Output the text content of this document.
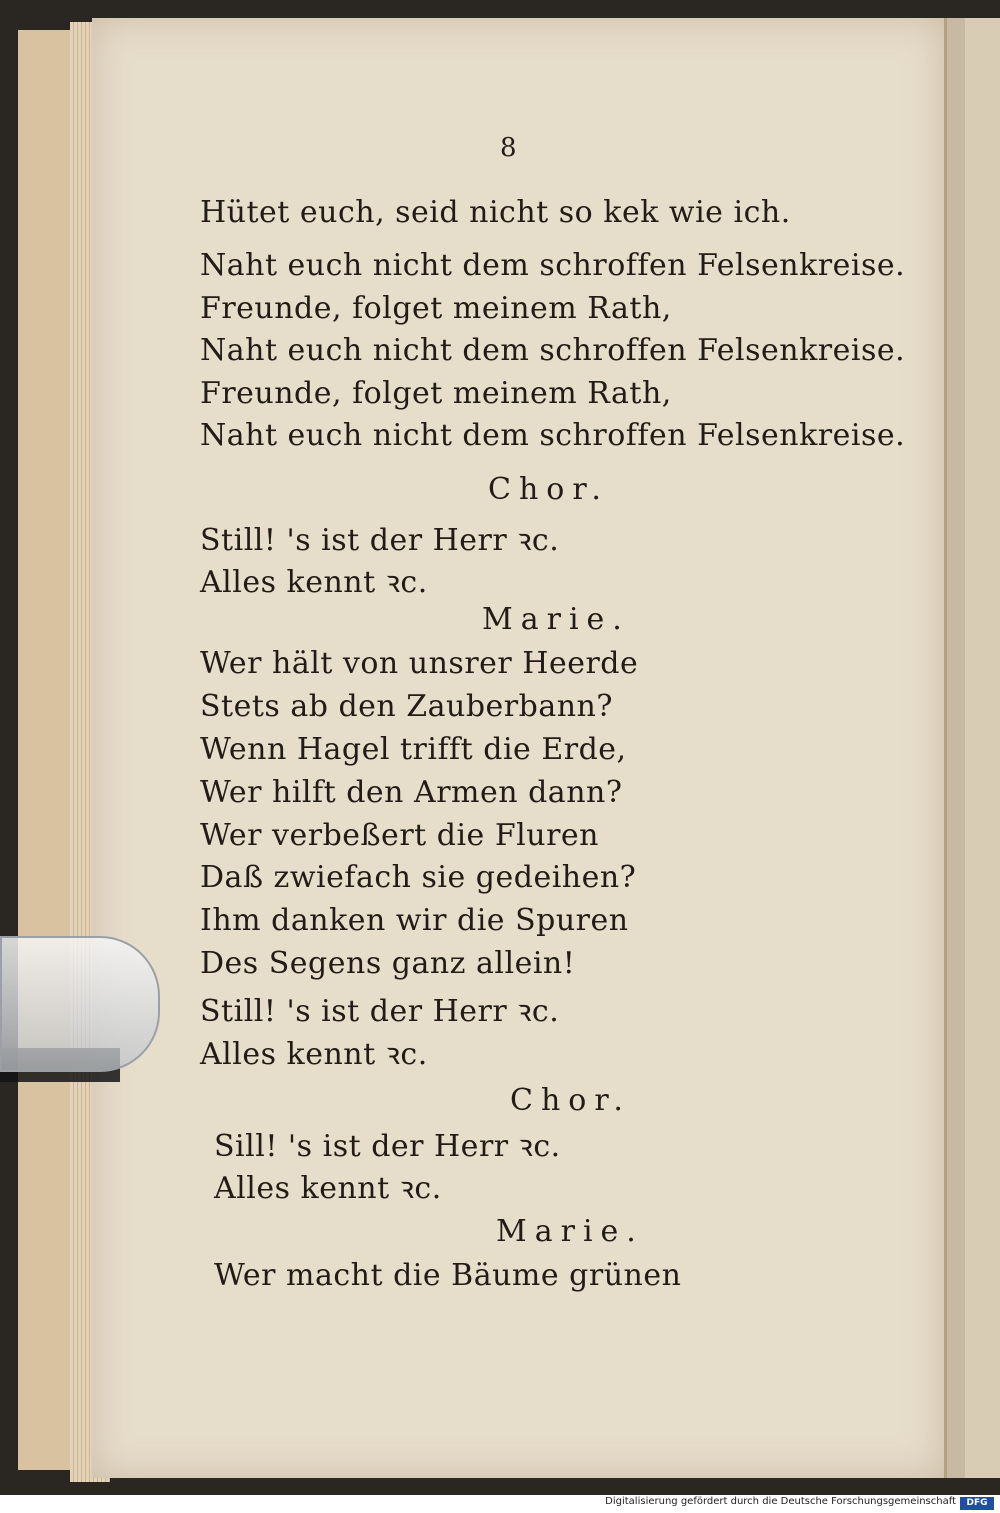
8
Hütet euch, seid nicht so kek wie ich.
Naht euch nicht dem schroffen Felsenkreise.
Freunde, folget meinem Rath,
Naht euch nicht dem schroffen Felsenkreise.
Freunde, folget meinem Rath,
Naht euch nicht dem schroffen Felsenkreise.
Chor.
Still! 's ist der Herr ꝛc.
Alles kennt ꝛc.
Marie.
Wer hält von unsrer Heerde
Stets ab den Zauberbann?
Wenn Hagel trifft die Erde,
Wer hilft den Armen dann?
Wer verbeßert die Fluren
Daß zwiefach sie gedeihen?
Ihm danken wir die Spuren
Des Segens ganz allein!
Still! 's ist der Herr ꝛc.
Alles kennt ꝛc.
Chor.
Sill! 's ist der Herr ꝛc.
Alles kennt ꝛc.
Marie.
Wer macht die Bäume grünen
Digitalisierung gefördert durch die Deutsche Forschungsgemeinschaft	DFG
